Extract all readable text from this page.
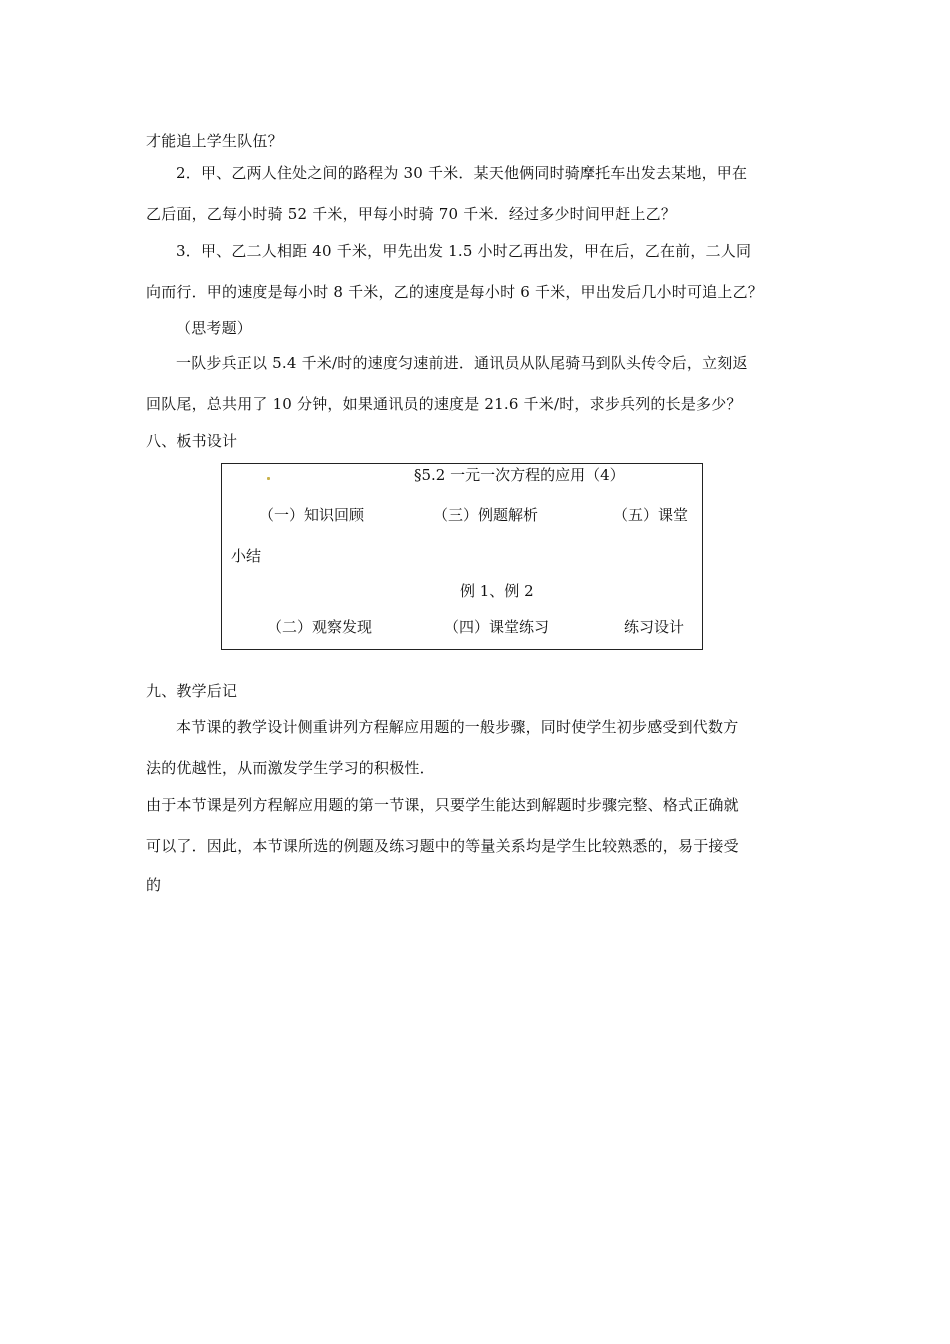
才能追上学生队伍？
2．甲、乙两人住处之间的路程为 30 千米．某天他俩同时骑摩托车出发去某地，甲在
乙后面，乙每小时骑 52 千米，甲每小时骑 70 千米．经过多少时间甲赶上乙？
3．甲、乙二人相距 40 千米，甲先出发 1.5 小时乙再出发，甲在后，乙在前，二人同
向而行．甲的速度是每小时 8 千米，乙的速度是每小时 6 千米，甲出发后几小时可追上乙？
（思考题）
一队步兵正以 5.4 千米/时的速度匀速前进．通讯员从队尾骑马到队头传令后，立刻返
回队尾，总共用了 10 分钟，如果通讯员的速度是 21.6 千米/时，求步兵列的长是多少？
八、板书设计
§5.2 一元一次方程的应用（4）
（一）知识回顾	（三）例题解析	（五）课堂
小结
例 1、例 2
（二）观察发现	（四）课堂练习	练习设计
九、教学后记
本节课的教学设计侧重讲列方程解应用题的一般步骤，同时使学生初步感受到代数方
法的优越性，从而激发学生学习的积极性．
由于本节课是列方程解应用题的第一节课，只要学生能达到解题时步骤完整、格式正确就
可以了．因此，本节课所选的例题及练习题中的等量关系均是学生比较熟悉的，易于接受
的
